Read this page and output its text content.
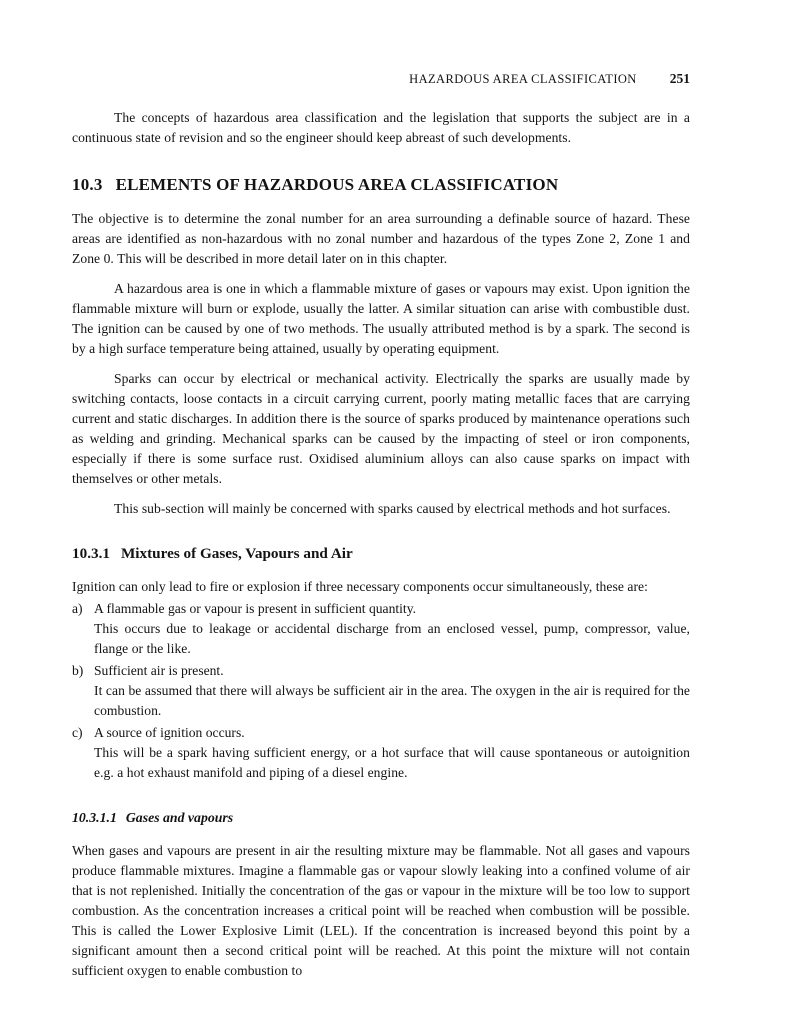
HAZARDOUS AREA CLASSIFICATION 251

The concepts of hazardous area classification and the legislation that supports the subject are in a continuous state of revision and so the engineer should keep abreast of such developments.

10.3 ELEMENTS OF HAZARDOUS AREA CLASSIFICATION

The objective is to determine the zonal number for an area surrounding a definable source of hazard. These areas are identified as non-hazardous with no zonal number and hazardous of the types Zone 2, Zone 1 and Zone 0. This will be described in more detail later on in this chapter.

A hazardous area is one in which a flammable mixture of gases or vapours may exist. Upon ignition the flammable mixture will burn or explode, usually the latter. A similar situation can arise with combustible dust. The ignition can be caused by one of two methods. The usually attributed method is by a spark. The second is by a high surface temperature being attained, usually by operating equipment.

Sparks can occur by electrical or mechanical activity. Electrically the sparks are usually made by switching contacts, loose contacts in a circuit carrying current, poorly mating metallic faces that are carrying current and static discharges. In addition there is the source of sparks produced by maintenance operations such as welding and grinding. Mechanical sparks can be caused by the impacting of steel or iron components, especially if there is some surface rust. Oxidised aluminium alloys can also cause sparks on impact with themselves or other metals.

This sub-section will mainly be concerned with sparks caused by electrical methods and hot surfaces.

10.3.1 Mixtures of Gases, Vapours and Air

Ignition can only lead to fire or explosion if three necessary components occur simultaneously, these are:

a) A flammable gas or vapour is present in sufficient quantity.

This occurs due to leakage or accidental discharge from an enclosed vessel, pump, compressor, value, flange or the like.

b) Sufficient air is present.

It can be assumed that there will always be sufficient air in the area. The oxygen in the air is required for the combustion.

c) A source of ignition occurs.

This will be a spark having sufficient energy, or a hot surface that will cause spontaneous or autoignition e.g. a hot exhaust manifold and piping of a diesel engine.

10.3.1.1 Gases and vapours

When gases and vapours are present in air the resulting mixture may be flammable. Not all gases and vapours produce flammable mixtures. Imagine a flammable gas or vapour slowly leaking into a confined volume of air that is not replenished. Initially the concentration of the gas or vapour in the mixture will be too low to support combustion. As the concentration increases a critical point will be reached when combustion will be possible. This is called the Lower Explosive Limit (LEL). If the concentration is increased beyond this point by a significant amount then a second critical point will be reached. At this point the mixture will not contain sufficient oxygen to enable combustion to
